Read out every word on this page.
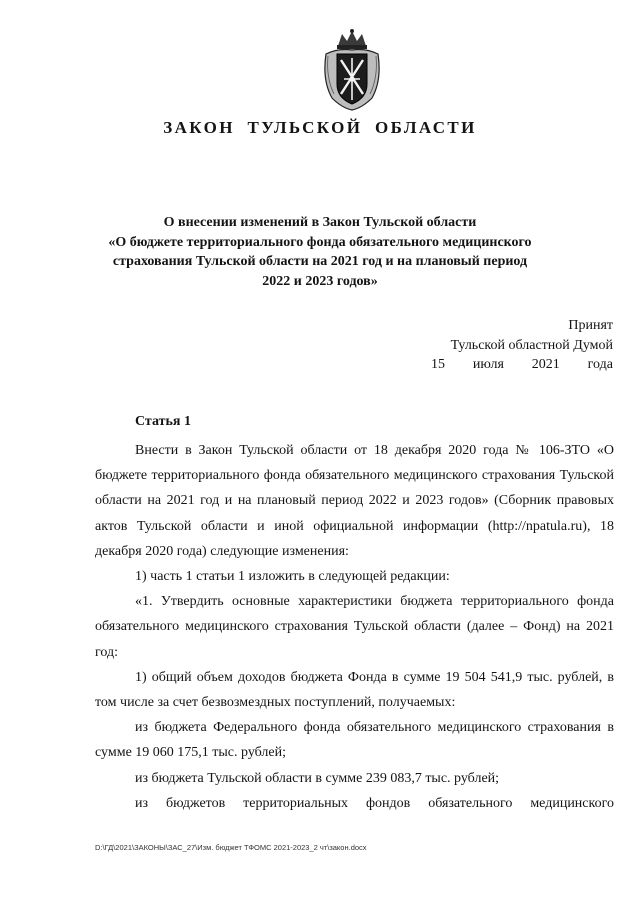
ЗАКОН ТУЛЬСКОЙ ОБЛАСТИ
О внесении изменений в Закон Тульской области
«О бюджете территориального фонда обязательного медицинского
страхования Тульской области на 2021 год и на плановый период
2022 и 2023 годов»
Принят
Тульской областной Думой
15 июля 2021 года
Статья 1

Внести в Закон Тульской области от 18 декабря 2020 года № 106-ЗТО «О бюджете территориального фонда обязательного медицинского страхования Тульской области на 2021 год и на плановый период 2022 и 2023 годов» (Сборник правовых актов Тульской области и иной официальной информации (http://npatula.ru), 18 декабря 2020 года) следующие изменения:

1) часть 1 статьи 1 изложить в следующей редакции:

«1. Утвердить основные характеристики бюджета территориального фонда обязательного медицинского страхования Тульской области (далее – Фонд) на 2021 год:

1) общий объем доходов бюджета Фонда в сумме 19 504 541,9 тыс. рублей, в том числе за счет безвозмездных поступлений, получаемых:

из бюджета Федерального фонда обязательного медицинского страхования в сумме 19 060 175,1 тыс. рублей;

из бюджета Тульской области в сумме 239 083,7 тыс. рублей;

из бюджетов территориальных фондов обязательного медицинского

D:\ГД\2021\ЗАКОНЫ\ЗАС_27\Изм. бюджет ТФОМС 2021-2023_2 чт\закон.docx
